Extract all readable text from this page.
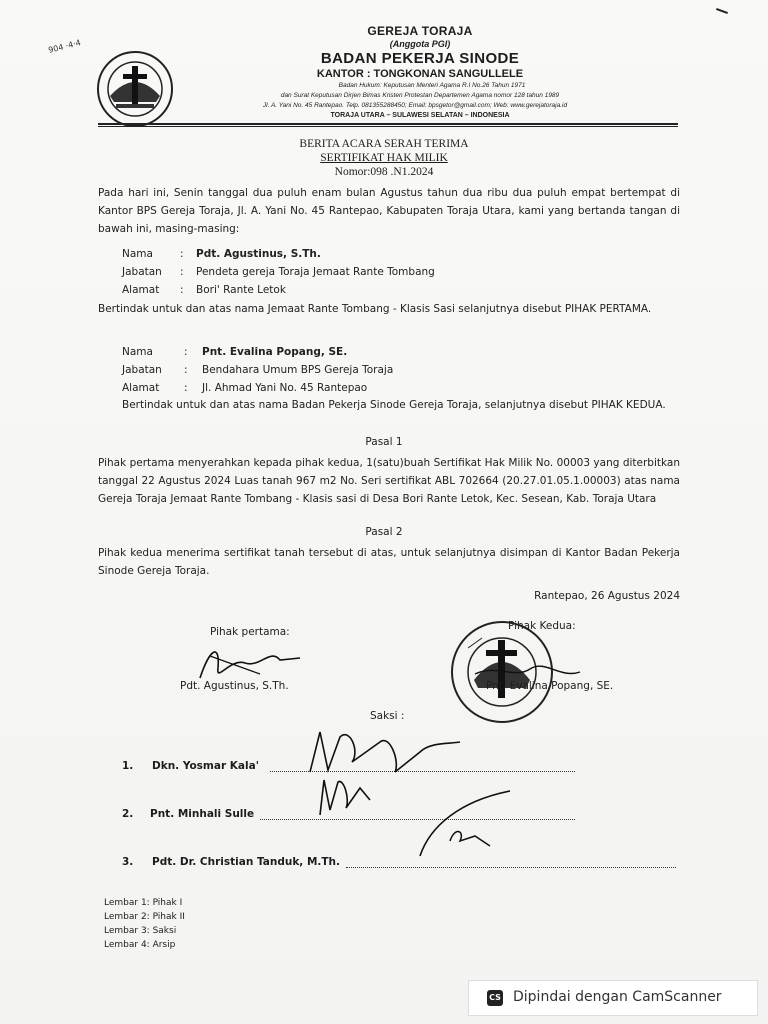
904 ·4·4
GEREJA TORAJA
(Anggota PGI)
BADAN PEKERJA SINODE
KANTOR : TONGKONAN SANGULLELE
Badan Hukum: Keputusan Menteri Agama R.I No.26 Tahun 1971
dan Surat Keputusan Dirjen Bimas Kristen Protestan Departemen Agama nomor 128 tahun 1989
Jl. A. Yani No. 45 Rantepao. Telp. 081355288450; Email: bpsgetor@gmail.com; Web: www.gerejatoraja.id
TORAJA UTARA – SULAWESI SELATAN – INDONESIA
BERITA ACARA SERAH TERIMA
SERTIFIKAT HAK MILIK
Nomor:098 .N1.2024
Pada hari ini, Senin tanggal dua puluh enam bulan Agustus tahun dua ribu dua puluh empat bertempat di Kantor BPS Gereja Toraja, Jl. A. Yani No. 45 Rantepao, Kabupaten Toraja Utara, kami yang bertanda tangan di bawah ini, masing-masing:
Nama	: Pdt. Agustinus, S.Th.
Jabatan : Pendeta gereja Toraja Jemaat Rante Tombang
Alamat : Bori' Rante Letok
Bertindak untuk dan atas nama Jemaat Rante Tombang - Klasis Sasi selanjutnya disebut PIHAK PERTAMA.
Nama	: Pnt. Evalina Popang, SE.
Jabatan : Bendahara Umum BPS Gereja Toraja
Alamat : Jl. Ahmad Yani No. 45 Rantepao
Bertindak untuk dan atas nama Badan Pekerja Sinode Gereja Toraja, selanjutnya disebut PIHAK KEDUA.
Pasal 1
Pihak pertama menyerahkan kepada pihak kedua, 1(satu)buah Sertifikat Hak Milik No. 00003 yang diterbitkan tanggal 22 Agustus 2024 Luas tanah 967 m2 No. Seri sertifikat ABL 702664 (20.27.01.05.1.00003) atas nama Gereja Toraja Jemaat Rante Tombang - Klasis sasi di Desa Bori Rante Letok, Kec. Sesean, Kab. Toraja Utara
Pasal 2
Pihak kedua menerima sertifikat tanah tersebut di atas, untuk selanjutnya disimpan di Kantor Badan Pekerja Sinode Gereja Toraja.
Rantepao, 26 Agustus 2024
Pihak pertama:
Pdt. Agustinus, S.Th.
Pihak Kedua:
Pnt. Evalina Popang, SE.
Saksi :
1. Dkn. Yosmar Kala'
2. Pnt. Minhali Sulle
3. Pdt. Dr. Christian Tanduk, M.Th.
Lembar 1: Pihak I
Lembar 2: Pihak II
Lembar 3: Saksi
Lembar 4: Arsip
CS Dipindai dengan CamScanner
